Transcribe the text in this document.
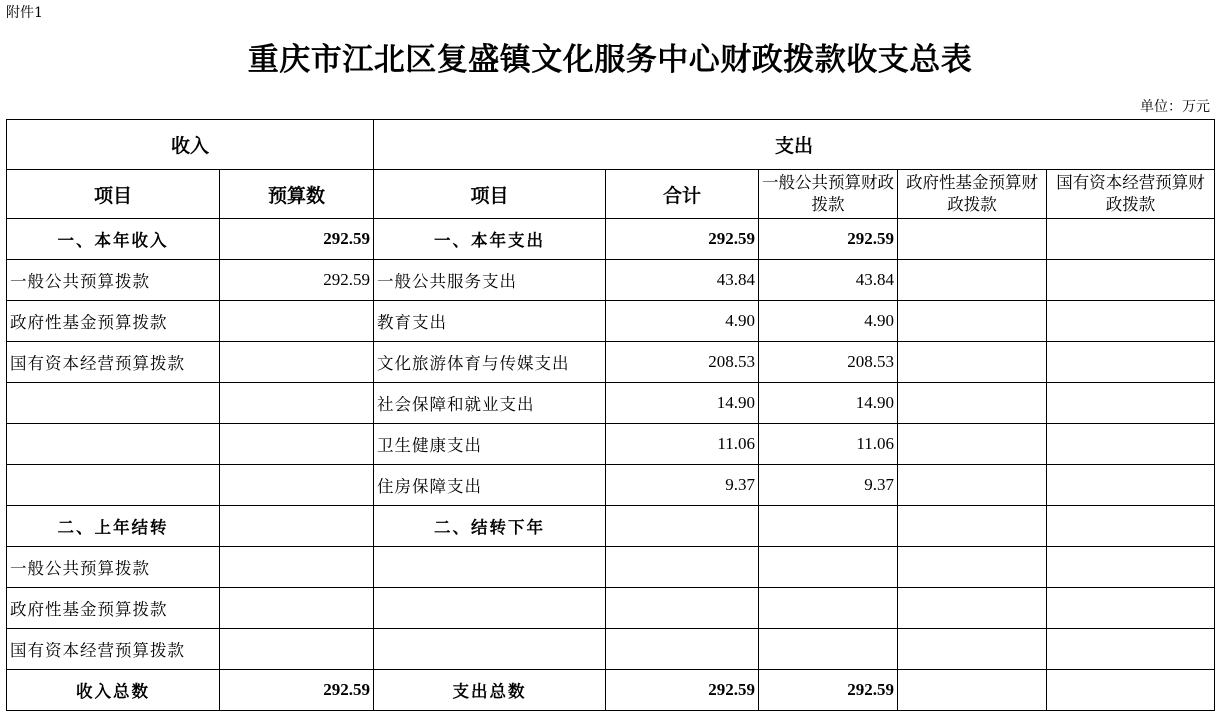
附件1
重庆市江北区复盛镇文化服务中心财政拨款收支总表
单位：万元
收入		支出				
项目	预算数	项目	合计	一般公共预算财政拨款	政府性基金预算财政拨款	国有资本经营预算财政拨款
一、本年收入	292.59	一、本年支出	292.59	292.59		
一般公共预算拨款	292.59	一般公共服务支出	43.84	43.84		
政府性基金预算拨款		教育支出	4.90	4.90		
国有资本经营预算拨款		文化旅游体育与传媒支出	208.53	208.53		
		社会保障和就业支出	14.90	14.90		
		卫生健康支出	11.06	11.06		
		住房保障支出	9.37	9.37		
二、上年结转		二、结转下年				
一般公共预算拨款						
政府性基金预算拨款						
国有资本经营预算拨款						
收入总数	292.59	支出总数	292.59	292.59		
